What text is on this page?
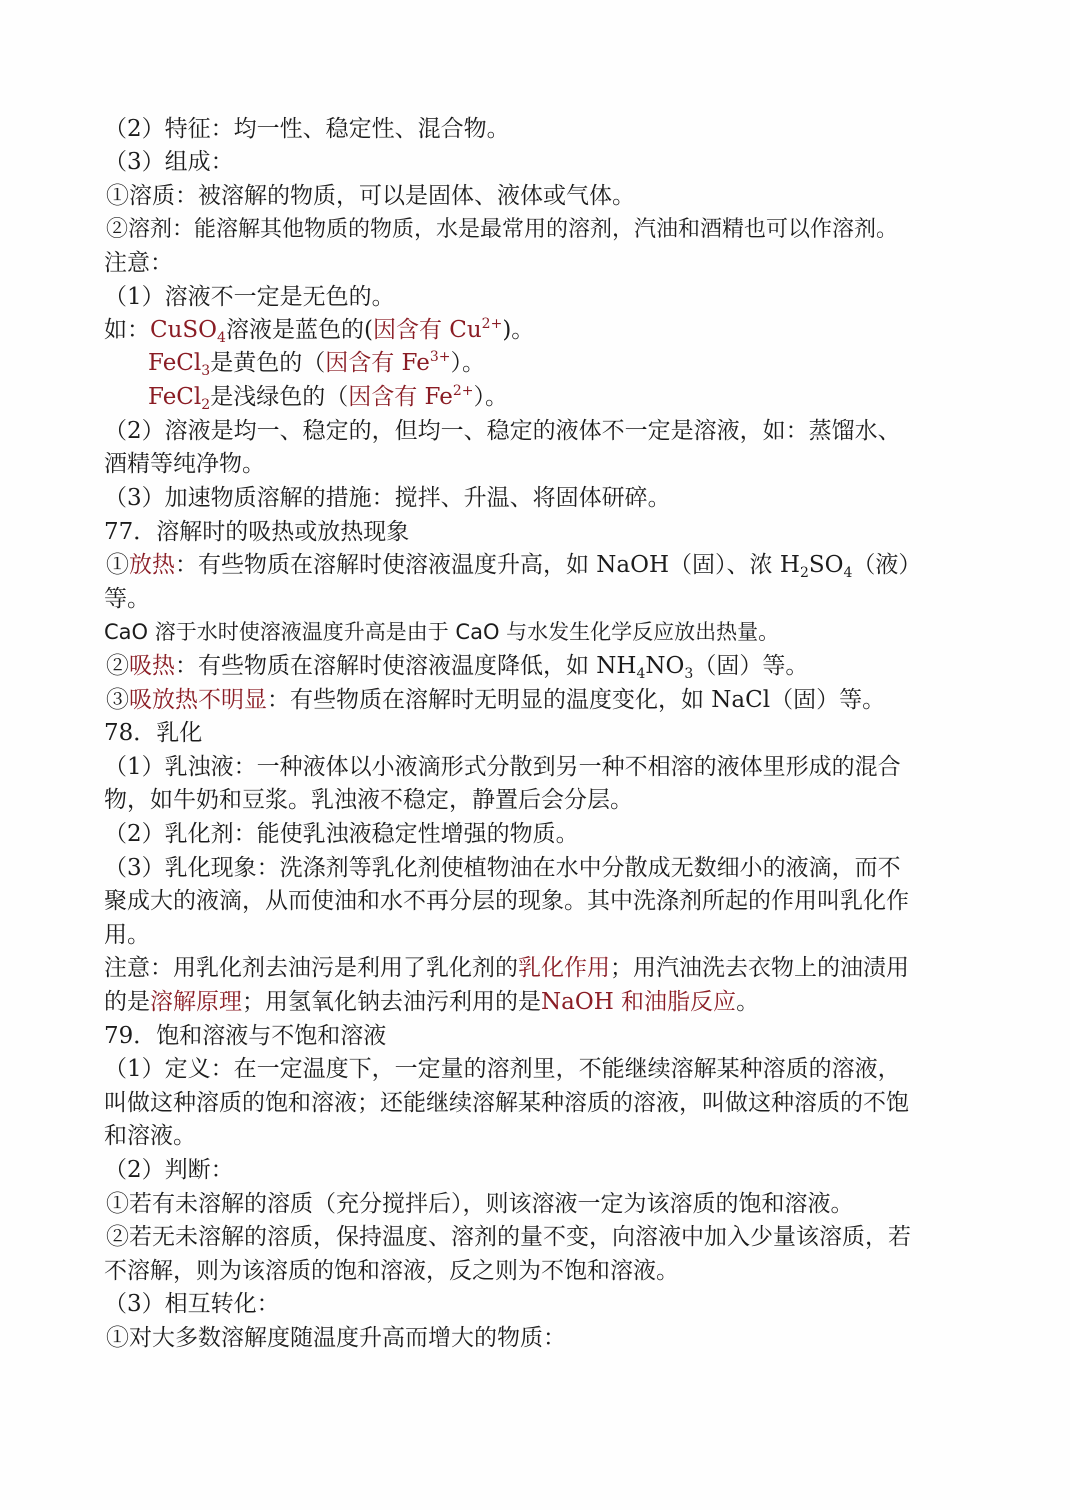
（2）特征：均一性、稳定性、混合物。
（3）组成：
①溶质：被溶解的物质，可以是固体、液体或气体。
②溶剂：能溶解其他物质的物质，水是最常用的溶剂，汽油和酒精也可以作溶剂。
注意：
（1）溶液不一定是无色的。
如：CuSO$_4$溶液是蓝色的(因含有 $Cu^{2+}$)。
FeCl$_3$是黄色的（因含有 $Fe^{3+}$）。
FeCl$_2$是浅绿色的（因含有 $Fe^{2+}$）。
（2）溶液是均一、稳定的，但均一、稳定的液体不一定是溶液，如：蒸馏水、
酒精等纯净物。
（3）加速物质溶解的措施：搅拌、升温、将固体研碎。
77．溶解时的吸热或放热现象
①放热：有些物质在溶解时使溶液温度升高，如 NaOH（固）、浓 $H_2SO_4$（液）
等。
CaO 溶于水时使溶液温度升高是由于 CaO 与水发生化学反应放出热量。
②吸热：有些物质在溶解时使溶液温度降低，如 $NH_4NO_3$（固）等。
③吸放热不明显：有些物质在溶解时无明显的温度变化，如 NaCl（固）等。
78．乳化
（1）乳浊液：一种液体以小液滴形式分散到另一种不相溶的液体里形成的混合
物，如牛奶和豆浆。乳浊液不稳定，静置后会分层。
（2）乳化剂：能使乳浊液稳定性增强的物质。
（3）乳化现象：洗涤剂等乳化剂使植物油在水中分散成无数细小的液滴，而不
聚成大的液滴，从而使油和水不再分层的现象。其中洗涤剂所起的作用叫乳化作
用。
注意：用乳化剂去油污是利用了乳化剂的乳化作用；用汽油洗去衣物上的油渍用
的是溶解原理；用氢氧化钠去油污利用的是NaOH 和油脂反应。
79．饱和溶液与不饱和溶液
（1）定义：在一定温度下，一定量的溶剂里，不能继续溶解某种溶质的溶液，
叫做这种溶质的饱和溶液；还能继续溶解某种溶质的溶液，叫做这种溶质的不饱
和溶液。
（2）判断：
①若有未溶解的溶质（充分搅拌后），则该溶液一定为该溶质的饱和溶液。
②若无未溶解的溶质，保持温度、溶剂的量不变，向溶液中加入少量该溶质，若
不溶解，则为该溶质的饱和溶液，反之则为不饱和溶液。
（3）相互转化：
①对大多数溶解度随温度升高而增大的物质：
